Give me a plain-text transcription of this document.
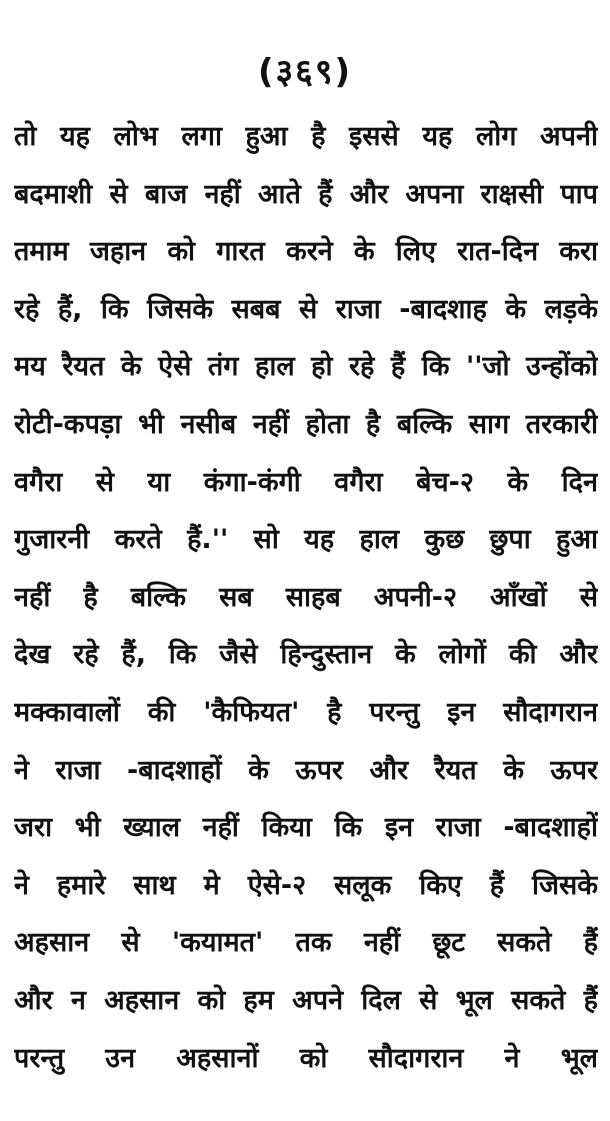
(३६९)
तो यह लोभ लगा हुआ है इससे यह लोग अपनी
बदमाशी से बाज नहीं आते हैं और अपना राक्षसी पाप
तमाम जहान को गारत करने के लिए रात-दिन करा
रहे हैं, कि जिसके सबब से राजा -बादशाह के लड़के
मय रैयत के ऐसे तंग हाल हो रहे हैं कि ''जो उन्होंको
रोटी-कपड़ा भी नसीब नहीं होता है बल्कि साग तरकारी
वगैरा से या कंगा-कंगी वगैरा बेच-२ के दिन
गुजारनी करते हैं.'' सो यह हाल कुछ छुपा हुआ
नहीं है बल्कि सब साहब अपनी-२ आँखों से
देख रहे हैं, कि जैसे हिन्दुस्तान के लोगों की और
मक्कावालों की 'कैफियत' है परन्तु इन सौदागरान
ने राजा -बादशाहों के ऊपर और रैयत के ऊपर
जरा भी ख्याल नहीं किया कि इन राजा -बादशाहों
ने हमारे साथ मे ऐसे-२ सलूक किए हैं जिसके
अहसान से 'कयामत' तक नहीं छूट सकते हैं
और न अहसान को हम अपने दिल से भूल सकते हैं
परन्तु उन अहसानों को सौदागरान ने भूल
